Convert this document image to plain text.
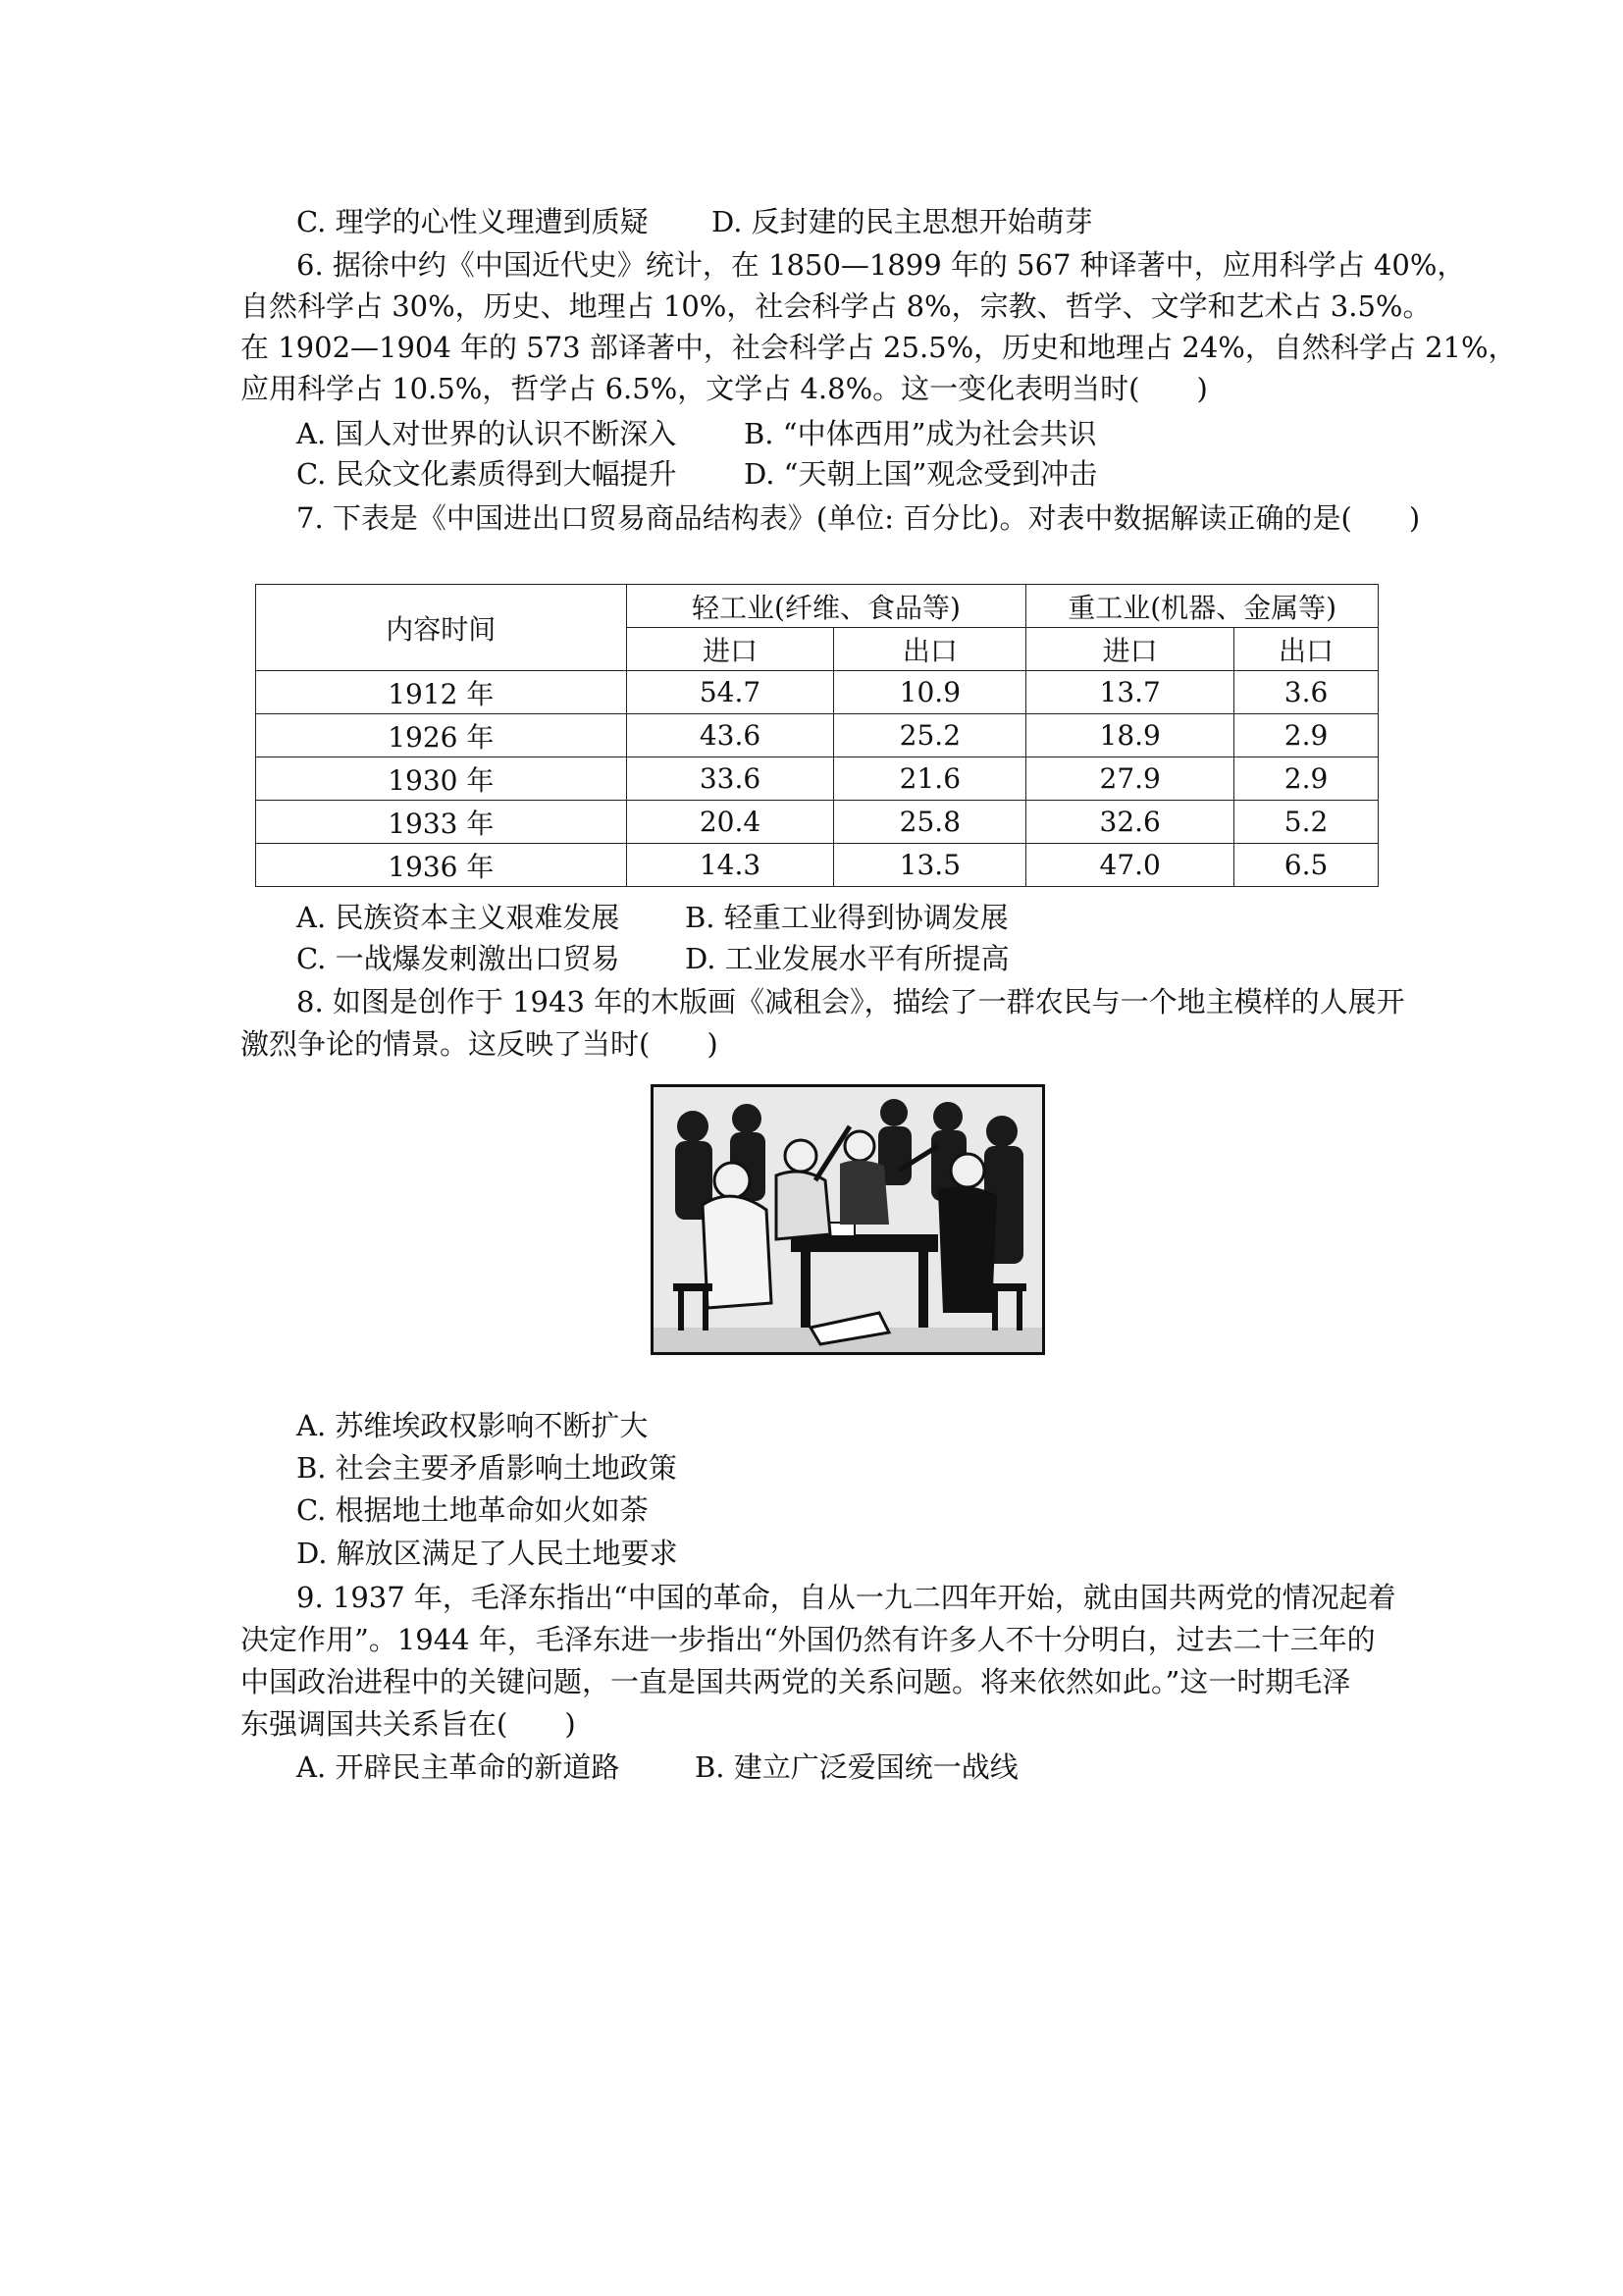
C. 理学的心性义理遭到质疑 D. 反封建的民主思想开始萌芽
6. 据徐中约《中国近代史》统计，在 1850—1899 年的 567 种译著中，应用科学占 40%，
自然科学占 30%，历史、地理占 10%，社会科学占 8%，宗教、哲学、文学和艺术占 3.5%。
在 1902—1904 年的 573 部译著中，社会科学占 25.5%，历史和地理占 24%，自然科学占 21%，
应用科学占 10.5%，哲学占 6.5%，文学占 4.8%。这一变化表明当时(　　)
A. 国人对世界的认识不断深入 B. “中体西用”成为社会共识
C. 民众文化素质得到大幅提升 D. “天朝上国”观念受到冲击
7. 下表是《中国进出口贸易商品结构表》(单位: 百分比)。对表中数据解读正确的是(　　)
内容时间	轻工业(纤维、食品等)		重工业(机器、金属等)	
	进口	出口	进口	出口
1912 年	54.7	10.9	13.7	3.6
1926 年	43.6	25.2	18.9	2.9
1930 年	33.6	21.6	27.9	2.9
1933 年	20.4	25.8	32.6	5.2
1936 年	14.3	13.5	47.0	6.5
A. 民族资本主义艰难发展 B. 轻重工业得到协调发展
C. 一战爆发刺激出口贸易 D. 工业发展水平有所提高
8. 如图是创作于 1943 年的木版画《减租会》，描绘了一群农民与一个地主模样的人展开
激烈争论的情景。这反映了当时(　　)
A. 苏维埃政权影响不断扩大
B. 社会主要矛盾影响土地政策
C. 根据地土地革命如火如荼
D. 解放区满足了人民土地要求
9. 1937 年，毛泽东指出“中国的革命，自从一九二四年开始，就由国共两党的情况起着
决定作用”。1944 年，毛泽东进一步指出“外国仍然有许多人不十分明白，过去二十三年的
中国政治进程中的关键问题，一直是国共两党的关系问题。将来依然如此。”这一时期毛泽
东强调国共关系旨在(　　)
A. 开辟民主革命的新道路	B. 建立广泛爱国统一战线
